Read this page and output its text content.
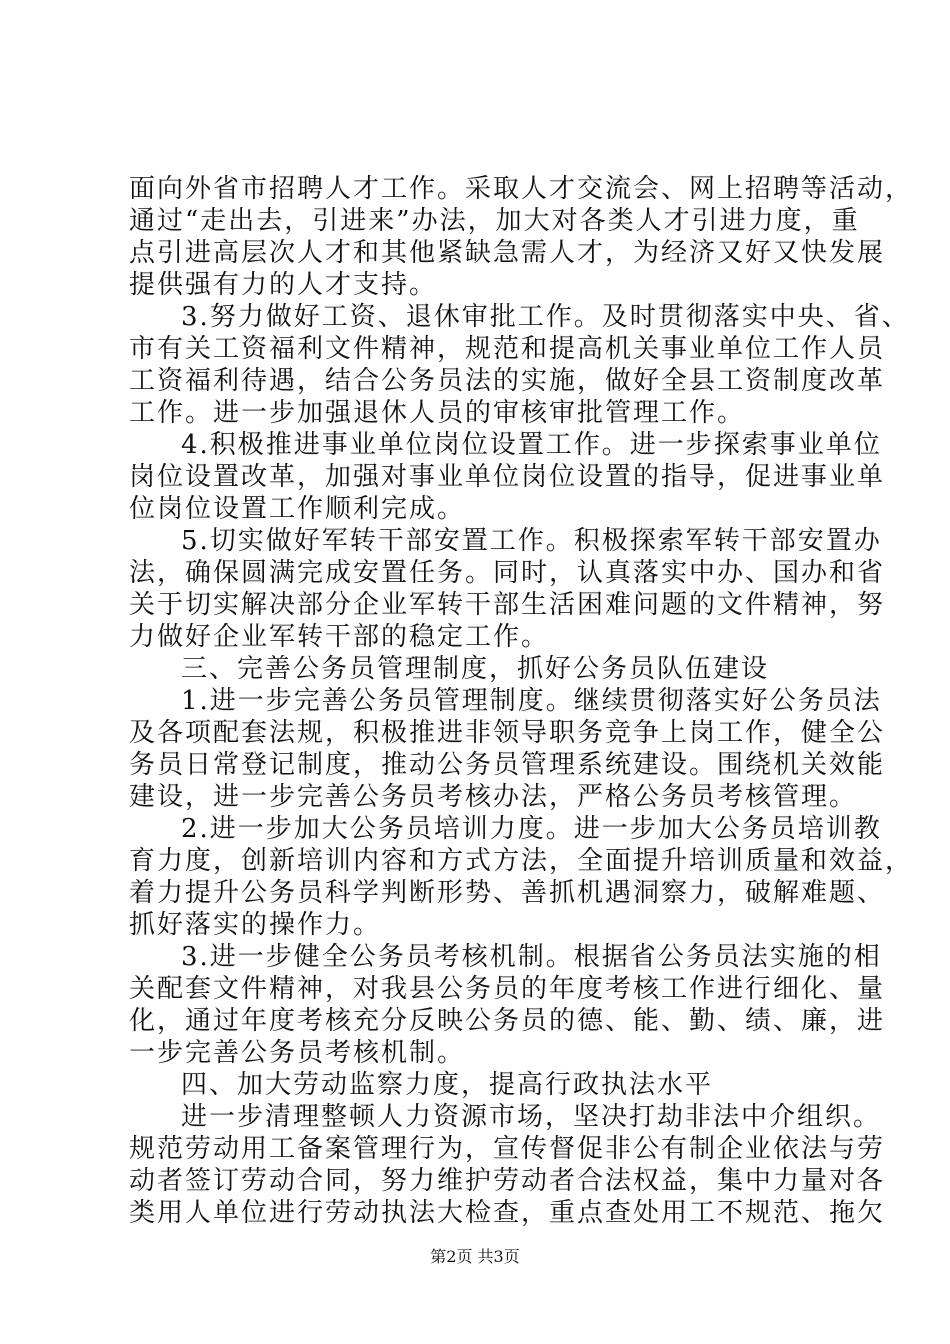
面向外省市招聘人才工作。采取人才交流会、网上招聘等活动，
通过“走出去，引进来”办法，加大对各类人才引进力度，重
点引进高层次人才和其他紧缺急需人才，为经济又好又快发展
提供强有力的人才支持。
3.努力做好工资、退休审批工作。及时贯彻落实中央、省、
市有关工资福利文件精神，规范和提高机关事业单位工作人员
工资福利待遇，结合公务员法的实施，做好全县工资制度改革
工作。进一步加强退休人员的审核审批管理工作。
4.积极推进事业单位岗位设置工作。进一步探索事业单位
岗位设置改革，加强对事业单位岗位设置的指导，促进事业单
位岗位设置工作顺利完成。
5.切实做好军转干部安置工作。积极探索军转干部安置办
法，确保圆满完成安置任务。同时，认真落实中办、国办和省
关于切实解决部分企业军转干部生活困难问题的文件精神，努
力做好企业军转干部的稳定工作。
三、完善公务员管理制度，抓好公务员队伍建设
1.进一步完善公务员管理制度。继续贯彻落实好公务员法
及各项配套法规，积极推进非领导职务竞争上岗工作，健全公
务员日常登记制度，推动公务员管理系统建设。围绕机关效能
建设，进一步完善公务员考核办法，严格公务员考核管理。
2.进一步加大公务员培训力度。进一步加大公务员培训教
育力度，创新培训内容和方式方法，全面提升培训质量和效益，
着力提升公务员科学判断形势、善抓机遇洞察力，破解难题、
抓好落实的操作力。
3.进一步健全公务员考核机制。根据省公务员法实施的相
关配套文件精神，对我县公务员的年度考核工作进行细化、量
化，通过年度考核充分反映公务员的德、能、勤、绩、廉，进
一步完善公务员考核机制。
四、加大劳动监察力度，提高行政执法水平
进一步清理整顿人力资源市场，坚决打劫非法中介组织。
规范劳动用工备案管理行为，宣传督促非公有制企业依法与劳
动者签订劳动合同，努力维护劳动者合法权益，集中力量对各
类用人单位进行劳动执法大检查，重点查处用工不规范、拖欠
第2页 共3页
